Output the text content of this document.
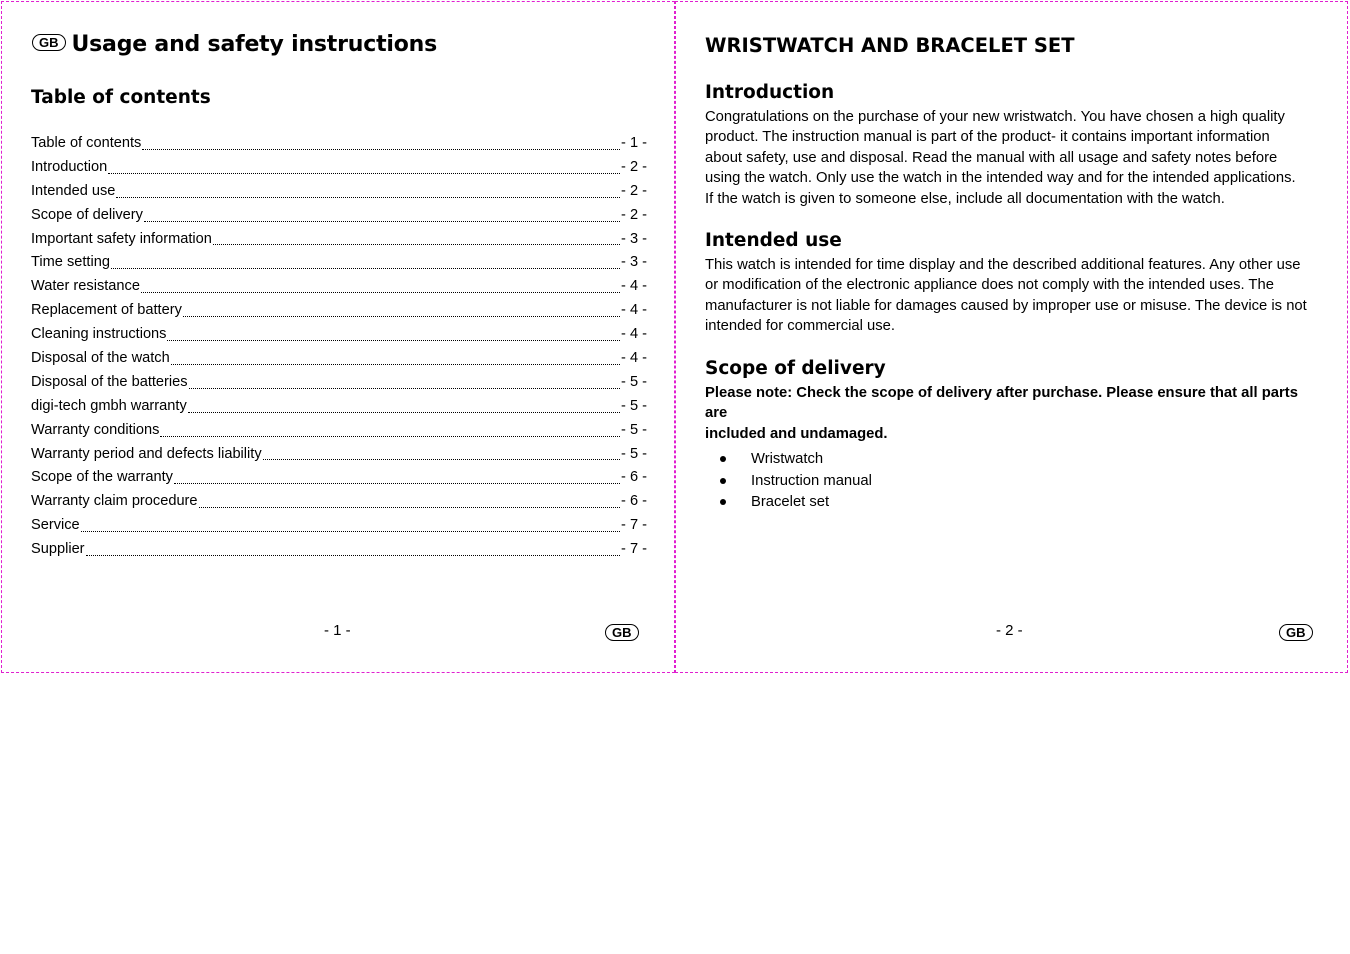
GB Usage and safety instructions
Table of contents
Table of contents	- 1 -
Introduction	- 2 -
Intended use	- 2 -
Scope of delivery	- 2 -
Important safety information	- 3 -
Time setting	- 3 -
Water resistance	- 4 -
Replacement of battery	- 4 -
Cleaning instructions	- 4 -
Disposal of the watch	- 4 -
Disposal of the batteries	- 5 -
digi-tech gmbh warranty	- 5 -
Warranty conditions	- 5 -
Warranty period and defects liability	- 5 -
Scope of the warranty	- 6 -
Warranty claim procedure	- 6 -
Service	- 7 -
Supplier	- 7 -
- 1 -	GB
WRISTWATCH AND BRACELET SET
Introduction
Congratulations on the purchase of your new wristwatch. You have chosen a high quality
product. The instruction manual is part of the product- it contains important information
about safety, use and disposal. Read the manual with all usage and safety notes before
using the watch. Only use the watch in the intended way and for the intended applications.
If the watch is given to someone else, include all documentation with the watch.
Intended use
This watch is intended for time display and the described additional features. Any other use
or modification of the electronic appliance does not comply with the intended uses. The
manufacturer is not liable for damages caused by improper use or misuse. The device is not
intended for commercial use.
Scope of delivery
Please note: Check the scope of delivery after purchase. Please ensure that all parts are
included and undamaged.
Wristwatch
Instruction manual
Bracelet set
- 2 -	GB
